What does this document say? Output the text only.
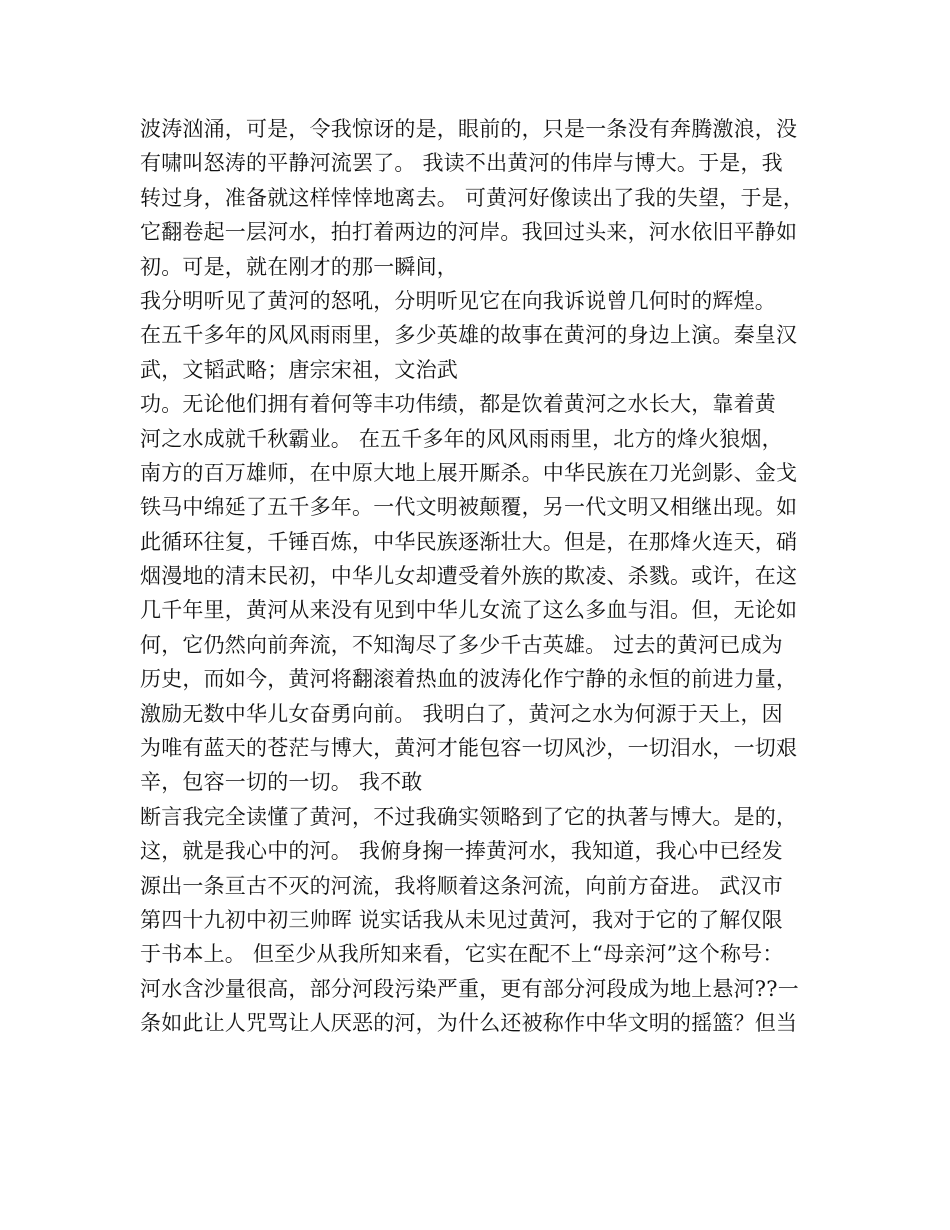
波涛汹涌，可是，令我惊讶的是，眼前的，只是一条没有奔腾激浪，没
有啸叫怒涛的平静河流罢了。 我读不出黄河的伟岸与博大。于是，我
转过身，准备就这样悻悻地离去。 可黄河好像读出了我的失望，于是，
它翻卷起一层河水，拍打着两边的河岸。我回过头来，河水依旧平静如
初。可是，就在刚才的那一瞬间，
我分明听见了黄河的怒吼，分明听见它在向我诉说曾几何时的辉煌。
在五千多年的风风雨雨里，多少英雄的故事在黄河的身边上演。秦皇汉
武，文韬武略；唐宗宋祖，文治武
功。无论他们拥有着何等丰功伟绩，都是饮着黄河之水长大，靠着黄
河之水成就千秋霸业。 在五千多年的风风雨雨里，北方的烽火狼烟，
南方的百万雄师，在中原大地上展开厮杀。中华民族在刀光剑影、金戈
铁马中绵延了五千多年。一代文明被颠覆，另一代文明又相继出现。如
此循环往复，千锤百炼，中华民族逐渐壮大。但是，在那烽火连天，硝
烟漫地的清末民初，中华儿女却遭受着外族的欺凌、杀戮。或许，在这
几千年里，黄河从来没有见到中华儿女流了这么多血与泪。但，无论如
何，它仍然向前奔流，不知淘尽了多少千古英雄。 过去的黄河已成为
历史，而如今，黄河将翻滚着热血的波涛化作宁静的永恒的前进力量，
激励无数中华儿女奋勇向前。 我明白了，黄河之水为何源于天上，因
为唯有蓝天的苍茫与博大，黄河才能包容一切风沙，一切泪水，一切艰
辛，包容一切的一切。 我不敢
断言我完全读懂了黄河，不过我确实领略到了它的执著与博大。是的，
这，就是我心中的河。 我俯身掬一捧黄河水，我知道，我心中已经发
源出一条亘古不灭的河流，我将顺着这条河流，向前方奋进。 武汉市
第四十九初中初三帅晖 说实话我从未见过黄河，我对于它的了解仅限
于书本上。 但至少从我所知来看，它实在配不上“母亲河”这个称号：
河水含沙量很高，部分河段污染严重，更有部分河段成为地上悬河??一
条如此让人咒骂让人厌恶的河，为什么还被称作中华文明的摇篮？但当
